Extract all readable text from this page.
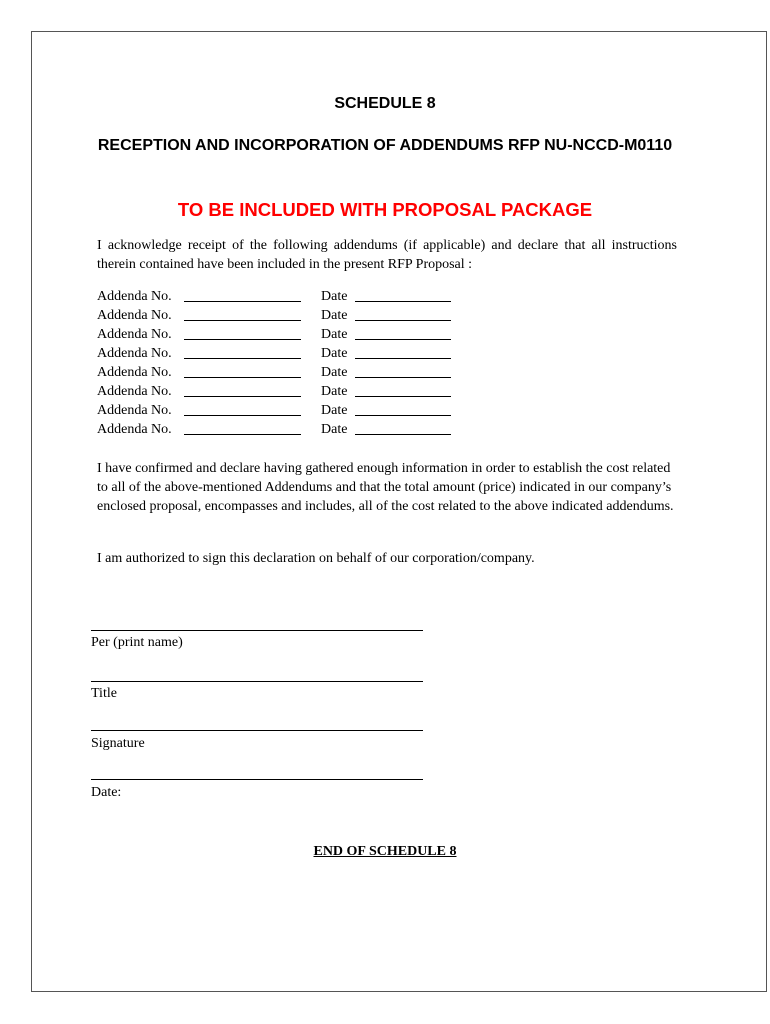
SCHEDULE 8
RECEPTION AND INCORPORATION OF ADDENDUMS RFP NU-NCCD-M0110
TO BE INCLUDED WITH PROPOSAL PACKAGE
I acknowledge receipt of the following addendums (if applicable) and declare that all instructions therein contained have been included in the present RFP Proposal :
Addenda No.	Date
Addenda No.	Date
Addenda No.	Date
Addenda No.	Date
Addenda No.	Date
Addenda No.	Date
Addenda No.	Date
Addenda No.	Date
I have confirmed and declare having gathered enough information in order to establish the cost related to all of the above-mentioned Addendums and that the total amount (price) indicated in our company’s enclosed proposal, encompasses and includes, all of the cost related to the above indicated addendums.
I am authorized to sign this declaration on behalf of our corporation/company.
Per (print name)
Title
Signature
Date:
END OF SCHEDULE 8
